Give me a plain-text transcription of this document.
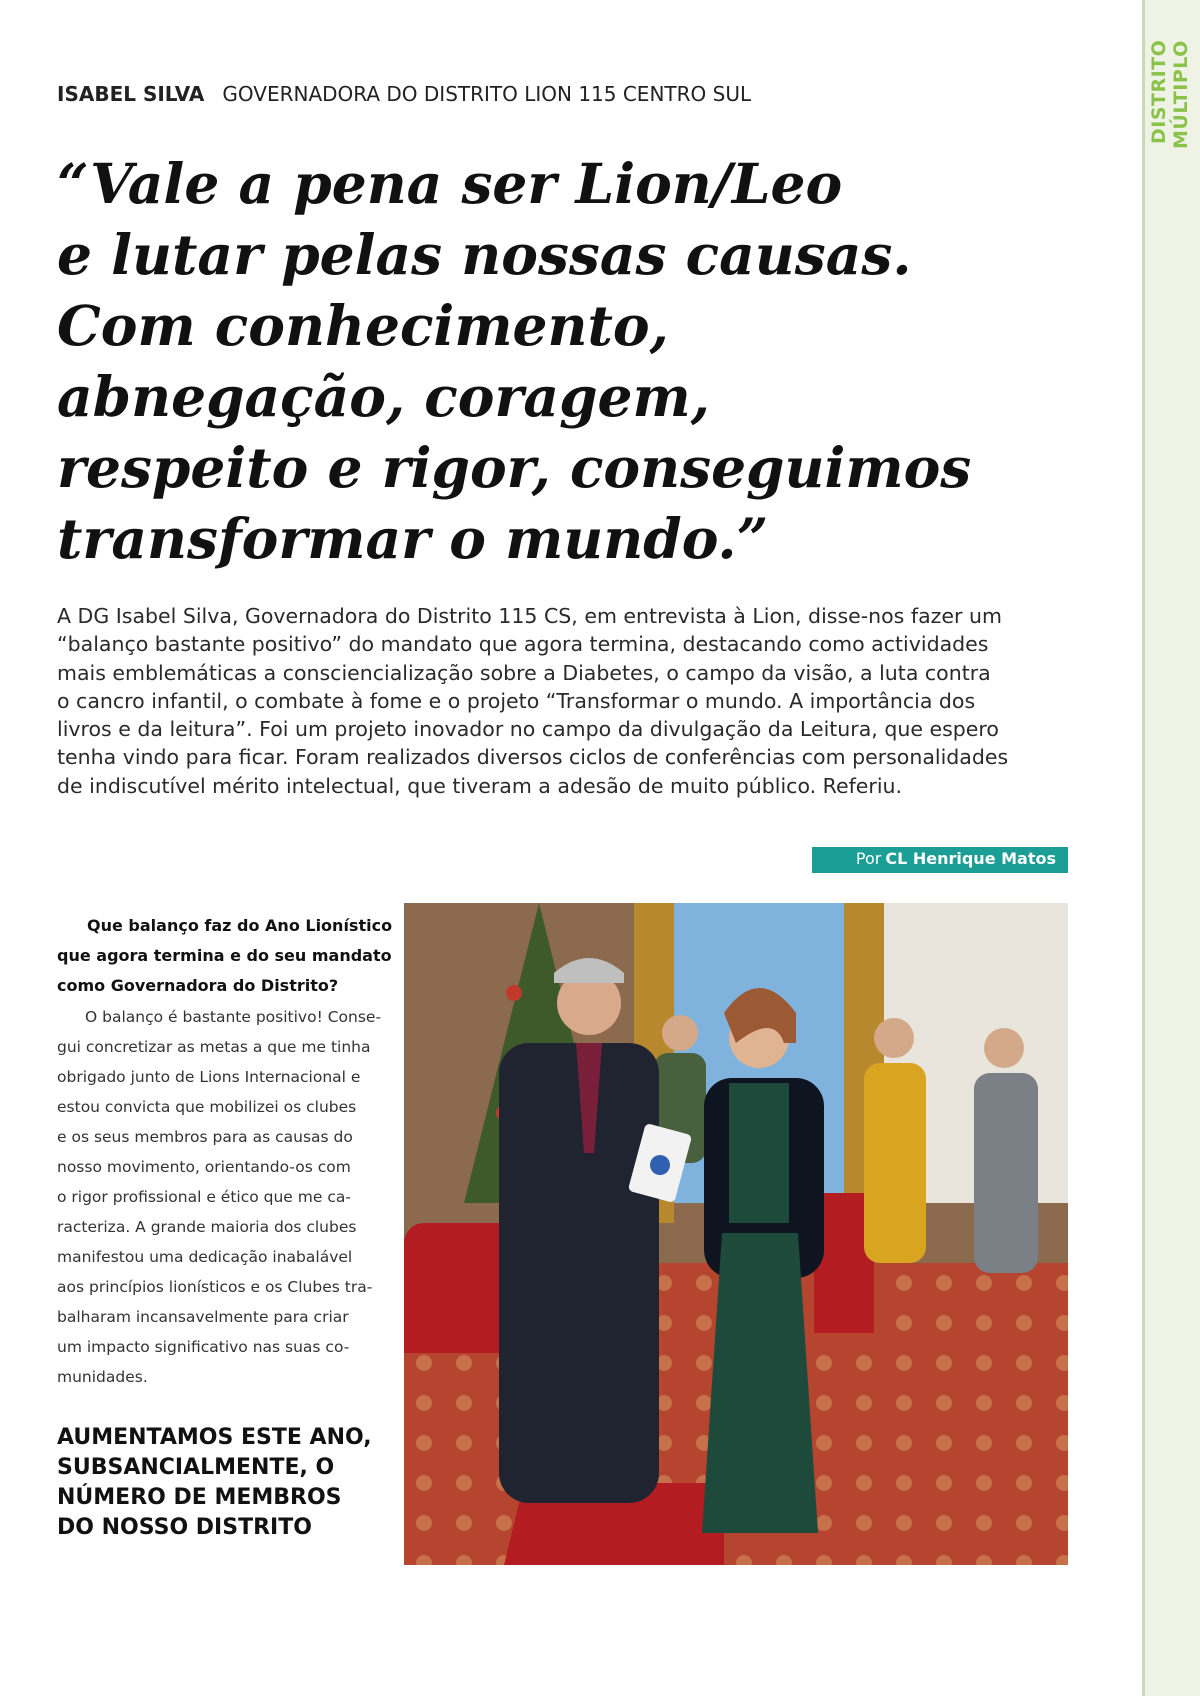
DISTRITO MÚLTIPLO
ISABEL SILVA GOVERNADORA DO DISTRITO LION 115 CENTRO SUL
“Vale a pena ser Lion/Leo
e lutar pelas nossas causas.
Com conhecimento,
abnegação, coragem,
respeito e rigor, conseguimos
transformar o mundo.”

A DG Isabel Silva, Governadora do Distrito 115 CS, em entrevista à Lion, disse-nos fazer um
“balanço bastante positivo” do mandato que agora termina, destacando como actividades
mais emblemáticas a consciencialização sobre a Diabetes, o campo da visão, a luta contra
o cancro infantil, o combate à fome e o projeto “Transformar o mundo. A importância dos
livros e da leitura”. Foi um projeto inovador no campo da divulgação da Leitura, que espero
tenha vindo para ficar. Foram realizados diversos ciclos de conferências com personalidades
de indiscutível mérito intelectual, que tiveram a adesão de muito público. Referiu.

Por CL Henrique Matos
Que balanço faz do Ano Lionístico
que agora termina e do seu mandato
como Governadora do Distrito?
O balanço é bastante positivo! Conse-
gui concretizar as metas a que me tinha
obrigado junto de Lions Internacional e
estou convicta que mobilizei os clubes
e os seus membros para as causas do
nosso movimento, orientando-os com
o rigor profissional e ético que me ca-
racteriza. A grande maioria dos clubes
manifestou uma dedicação inabalável
aos princípios lionísticos e os Clubes tra-
balharam incansavelmente para criar
um impacto significativo nas suas co-
munidades.
AUMENTAMOS ESTE ANO,
SUBSANCIALMENTE, O
NÚMERO DE MEMBROS
DO NOSSO DISTRITO
